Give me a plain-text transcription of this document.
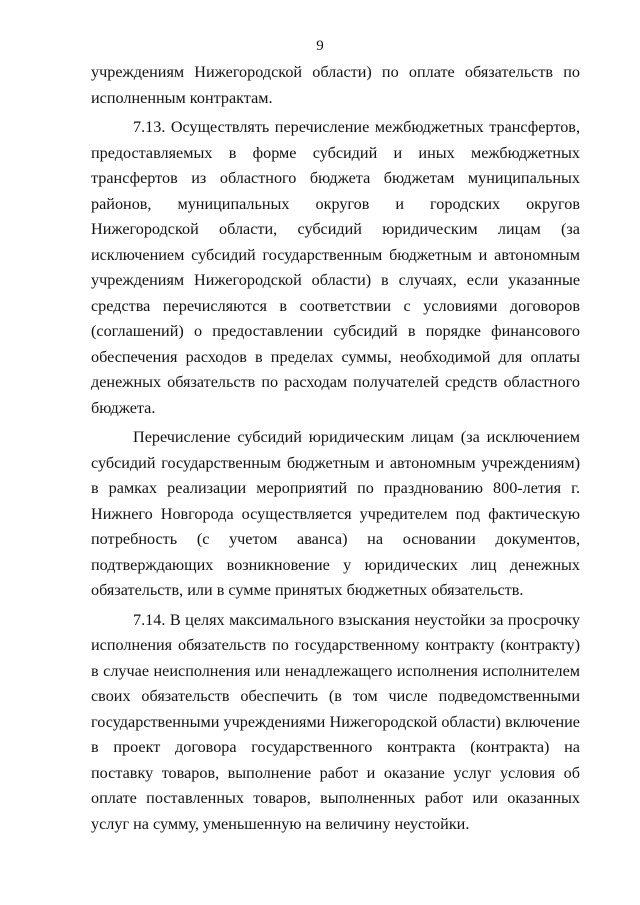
9

учреждениям Нижегородской области) по оплате обязательств по исполненным контрактам.

7.13. Осуществлять перечисление межбюджетных трансфертов, предоставляемых в форме субсидий и иных межбюджетных трансфертов из областного бюджета бюджетам муниципальных районов, муниципальных округов и городских округов Нижегородской области, субсидий юридическим лицам (за исключением субсидий государственным бюджетным и автономным учреждениям Нижегородской области) в случаях, если указанные средства перечисляются в соответствии с условиями договоров (соглашений) о предоставлении субсидий в порядке финансового обеспечения расходов в пределах суммы, необходимой для оплаты денежных обязательств по расходам получателей средств областного бюджета.

Перечисление субсидий юридическим лицам (за исключением субсидий государственным бюджетным и автономным учреждениям) в рамках реализации мероприятий по празднованию 800-летия г. Нижнего Новгорода осуществляется учредителем под фактическую потребность (с учетом аванса) на основании документов, подтверждающих возникновение у юридических лиц денежных обязательств, или в сумме принятых бюджетных обязательств.

7.14. В целях максимального взыскания неустойки за просрочку исполнения обязательств по государственному контракту (контракту) в случае неисполнения или ненадлежащего исполнения исполнителем своих обязательств обеспечить (в том числе подведомственными государственными учреждениями Нижегородской области) включение в проект договора государственного контракта (контракта) на поставку товаров, выполнение работ и оказание услуг условия об оплате поставленных товаров, выполненных работ или оказанных услуг на сумму, уменьшенную на величину неустойки.
